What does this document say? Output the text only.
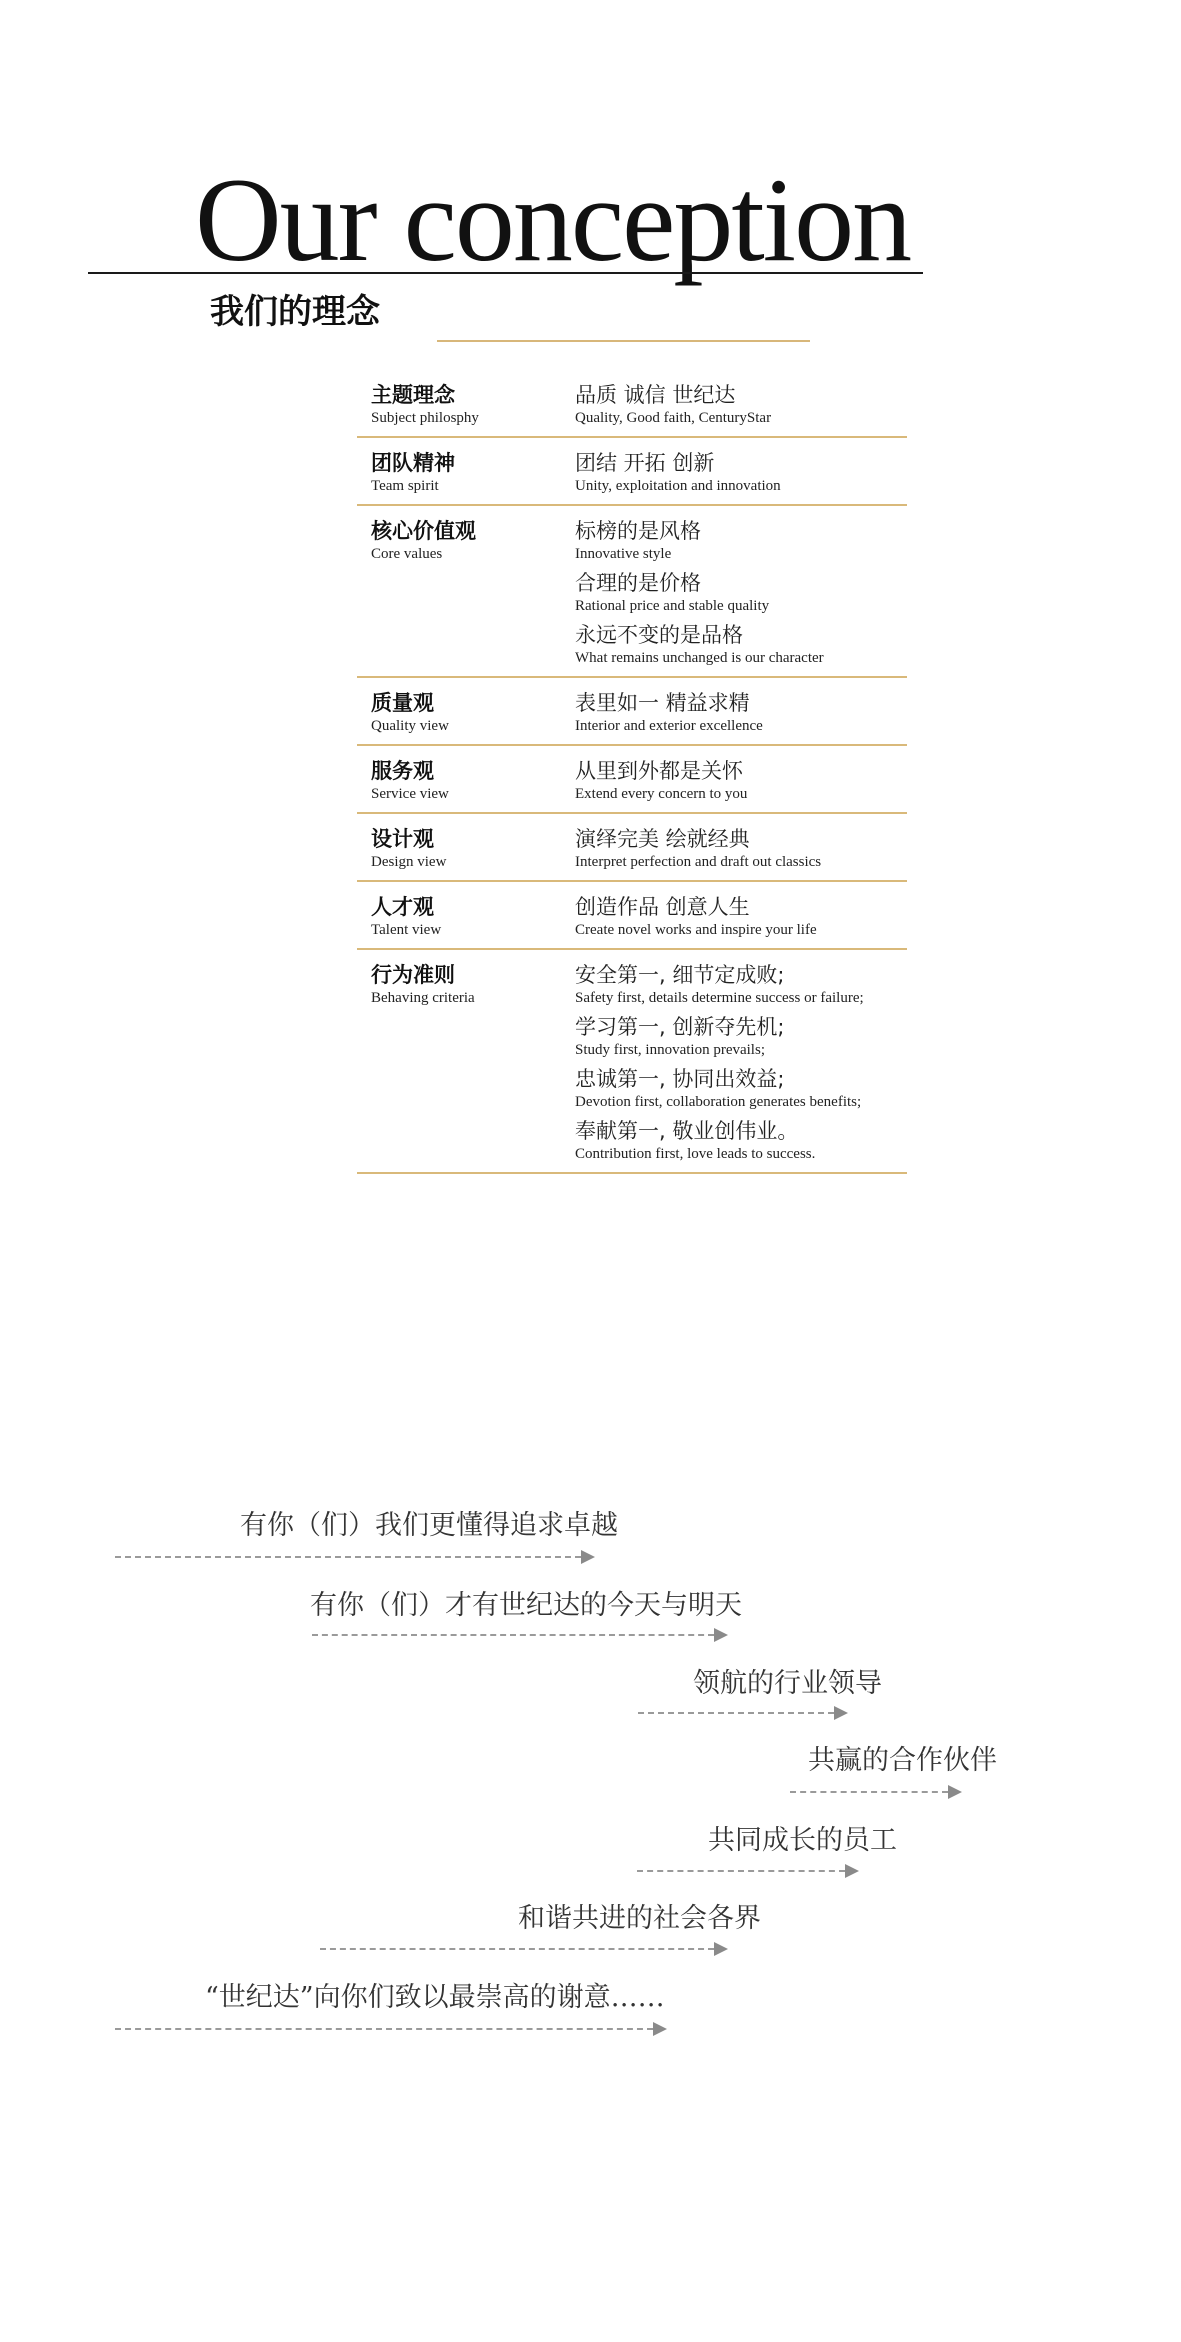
Our conception
我们的理念
主题理念
Subject philosphy
品质 诚信 世纪达
Quality, Good faith, CenturyStar
团队精神
Team spirit
团结 开拓 创新
Unity, exploitation and innovation
核心价值观
Core values
标榜的是风格
Innovative style
合理的是价格
Rational price and stable quality
永远不变的是品格
What remains unchanged is our character
质量观
Quality view
表里如一 精益求精
Interior and exterior excellence
服务观
Service view
从里到外都是关怀
Extend every concern to you
设计观
Design view
演绎完美 绘就经典
Interpret perfection and draft out classics
人才观
Talent view
创造作品 创意人生
Create novel works and inspire your life
行为准则
Behaving criteria
安全第一, 细节定成败;
Safety first, details determine success or failure;
学习第一, 创新夺先机;
Study first, innovation prevails;
忠诚第一, 协同出效益;
Devotion first, collaboration generates benefits;
奉献第一, 敬业创伟业。
Contribution first, love leads to success.
有你（们）我们更懂得追求卓越
有你（们）才有世纪达的今天与明天
领航的行业领导
共赢的合作伙伴
共同成长的员工
和谐共进的社会各界
“世纪达”向你们致以最崇高的谢意……
